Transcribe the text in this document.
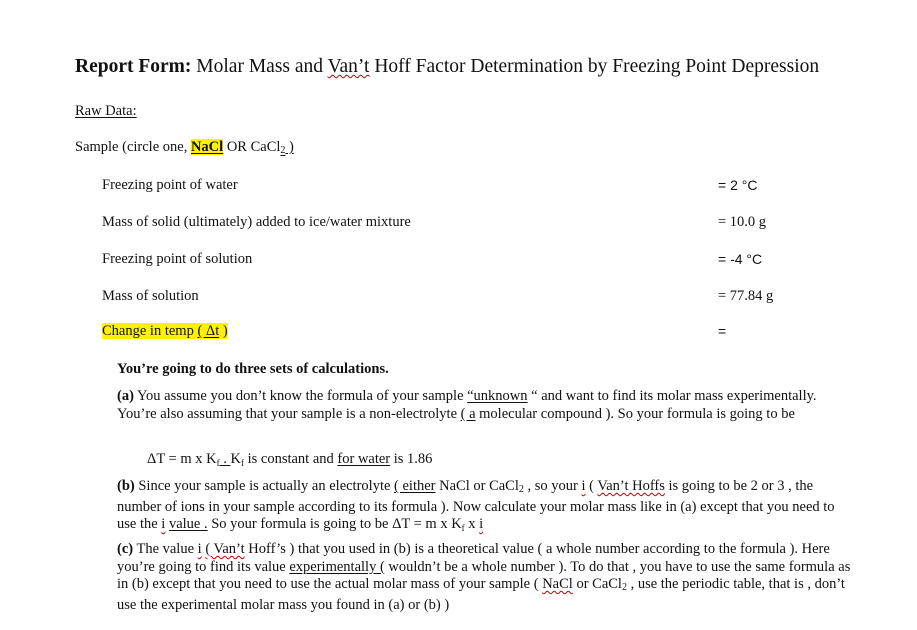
Report Form: Molar Mass and Van’t Hoff Factor Determination by Freezing Point Depression
Raw Data:
Sample (circle one, NaCl OR CaCl$_2$ )
Freezing point of water	= 2 °C
Mass of solid (ultimately) added to ice/water mixture	= 10.0 g
Freezing point of solution	= -4 °C
Mass of solution	= 77.84 g
Change in temp ( Δt )	=
You’re going to do three sets of calculations.
(a) You assume you don’t know the formula of your sample “unknown “ and want to find its molar mass experimentally. You’re also assuming that your sample is a non-electrolyte ( a molecular compound ). So your formula is going to be
ΔT = m x $K_f$ . $K_f$ is constant and for water is 1.86
(b) Since your sample is actually an electrolyte ( either NaCl or CaCl$_2$ , so your i ( Van’t Hoffs is going to be 2 or 3 , the number of ions in your sample according to its formula ). Now calculate your molar mass like in (a) except that you need to use the i value . So your formula is going to be ΔT = m x $K_f$ x i
(c) The value i ( Van’t Hoff’s ) that you used in (b) is a theoretical value ( a whole number according to the formula ). Here you’re going to find its value experimentally ( wouldn’t be a whole number ). To do that , you have to use the same formula as in (b) except that you need to use the actual molar mass of your sample ( NaCl or CaCl$_2$ , use the periodic table, that is , don’t use the experimental molar mass you found in (a) or (b) )
